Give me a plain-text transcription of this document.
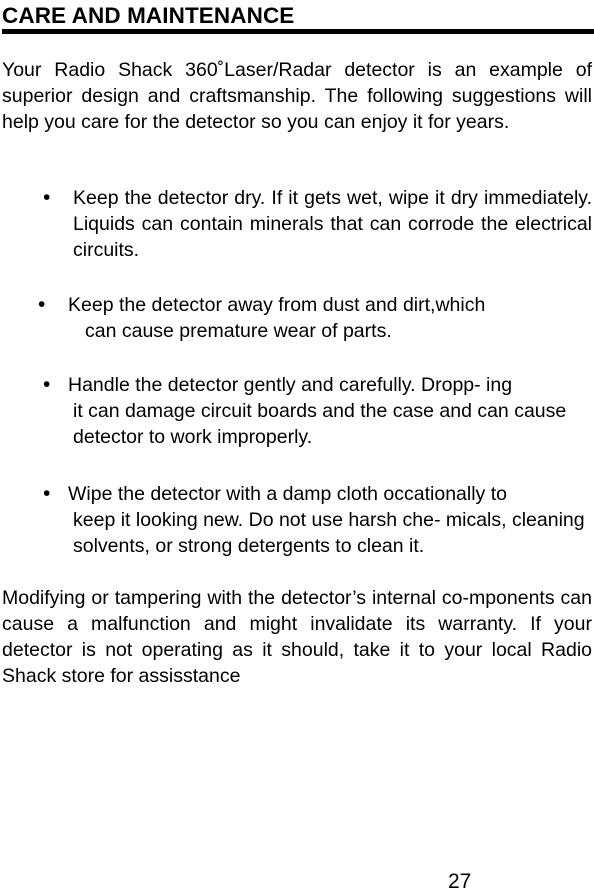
CARE AND MAINTENANCE

Your Radio Shack 360˚Laser/Radar detector is an example of superior design and craftsmanship. The following suggestions will help you care for the detector so you can enjoy it for years.

• Keep the detector dry. If it gets wet, wipe it dry immediately. Liquids can contain minerals that can corrode the electrical circuits.

• Keep the detector away from dust and dirt,which
can cause premature wear of parts.

• Handle the detector gently and carefully. Dropp- ing
it can damage circuit boards and the case and can cause detector to work improperly.

• Wipe the detector with a damp cloth occationally to
keep it looking new. Do not use harsh che- micals, cleaning solvents, or strong detergents to clean it.

Modifying or tampering with the detector’s internal co-mponents can cause a malfunction and might invalidate its warranty. If your detector is not operating as it should, take it to your local Radio Shack store for assisstance

27
